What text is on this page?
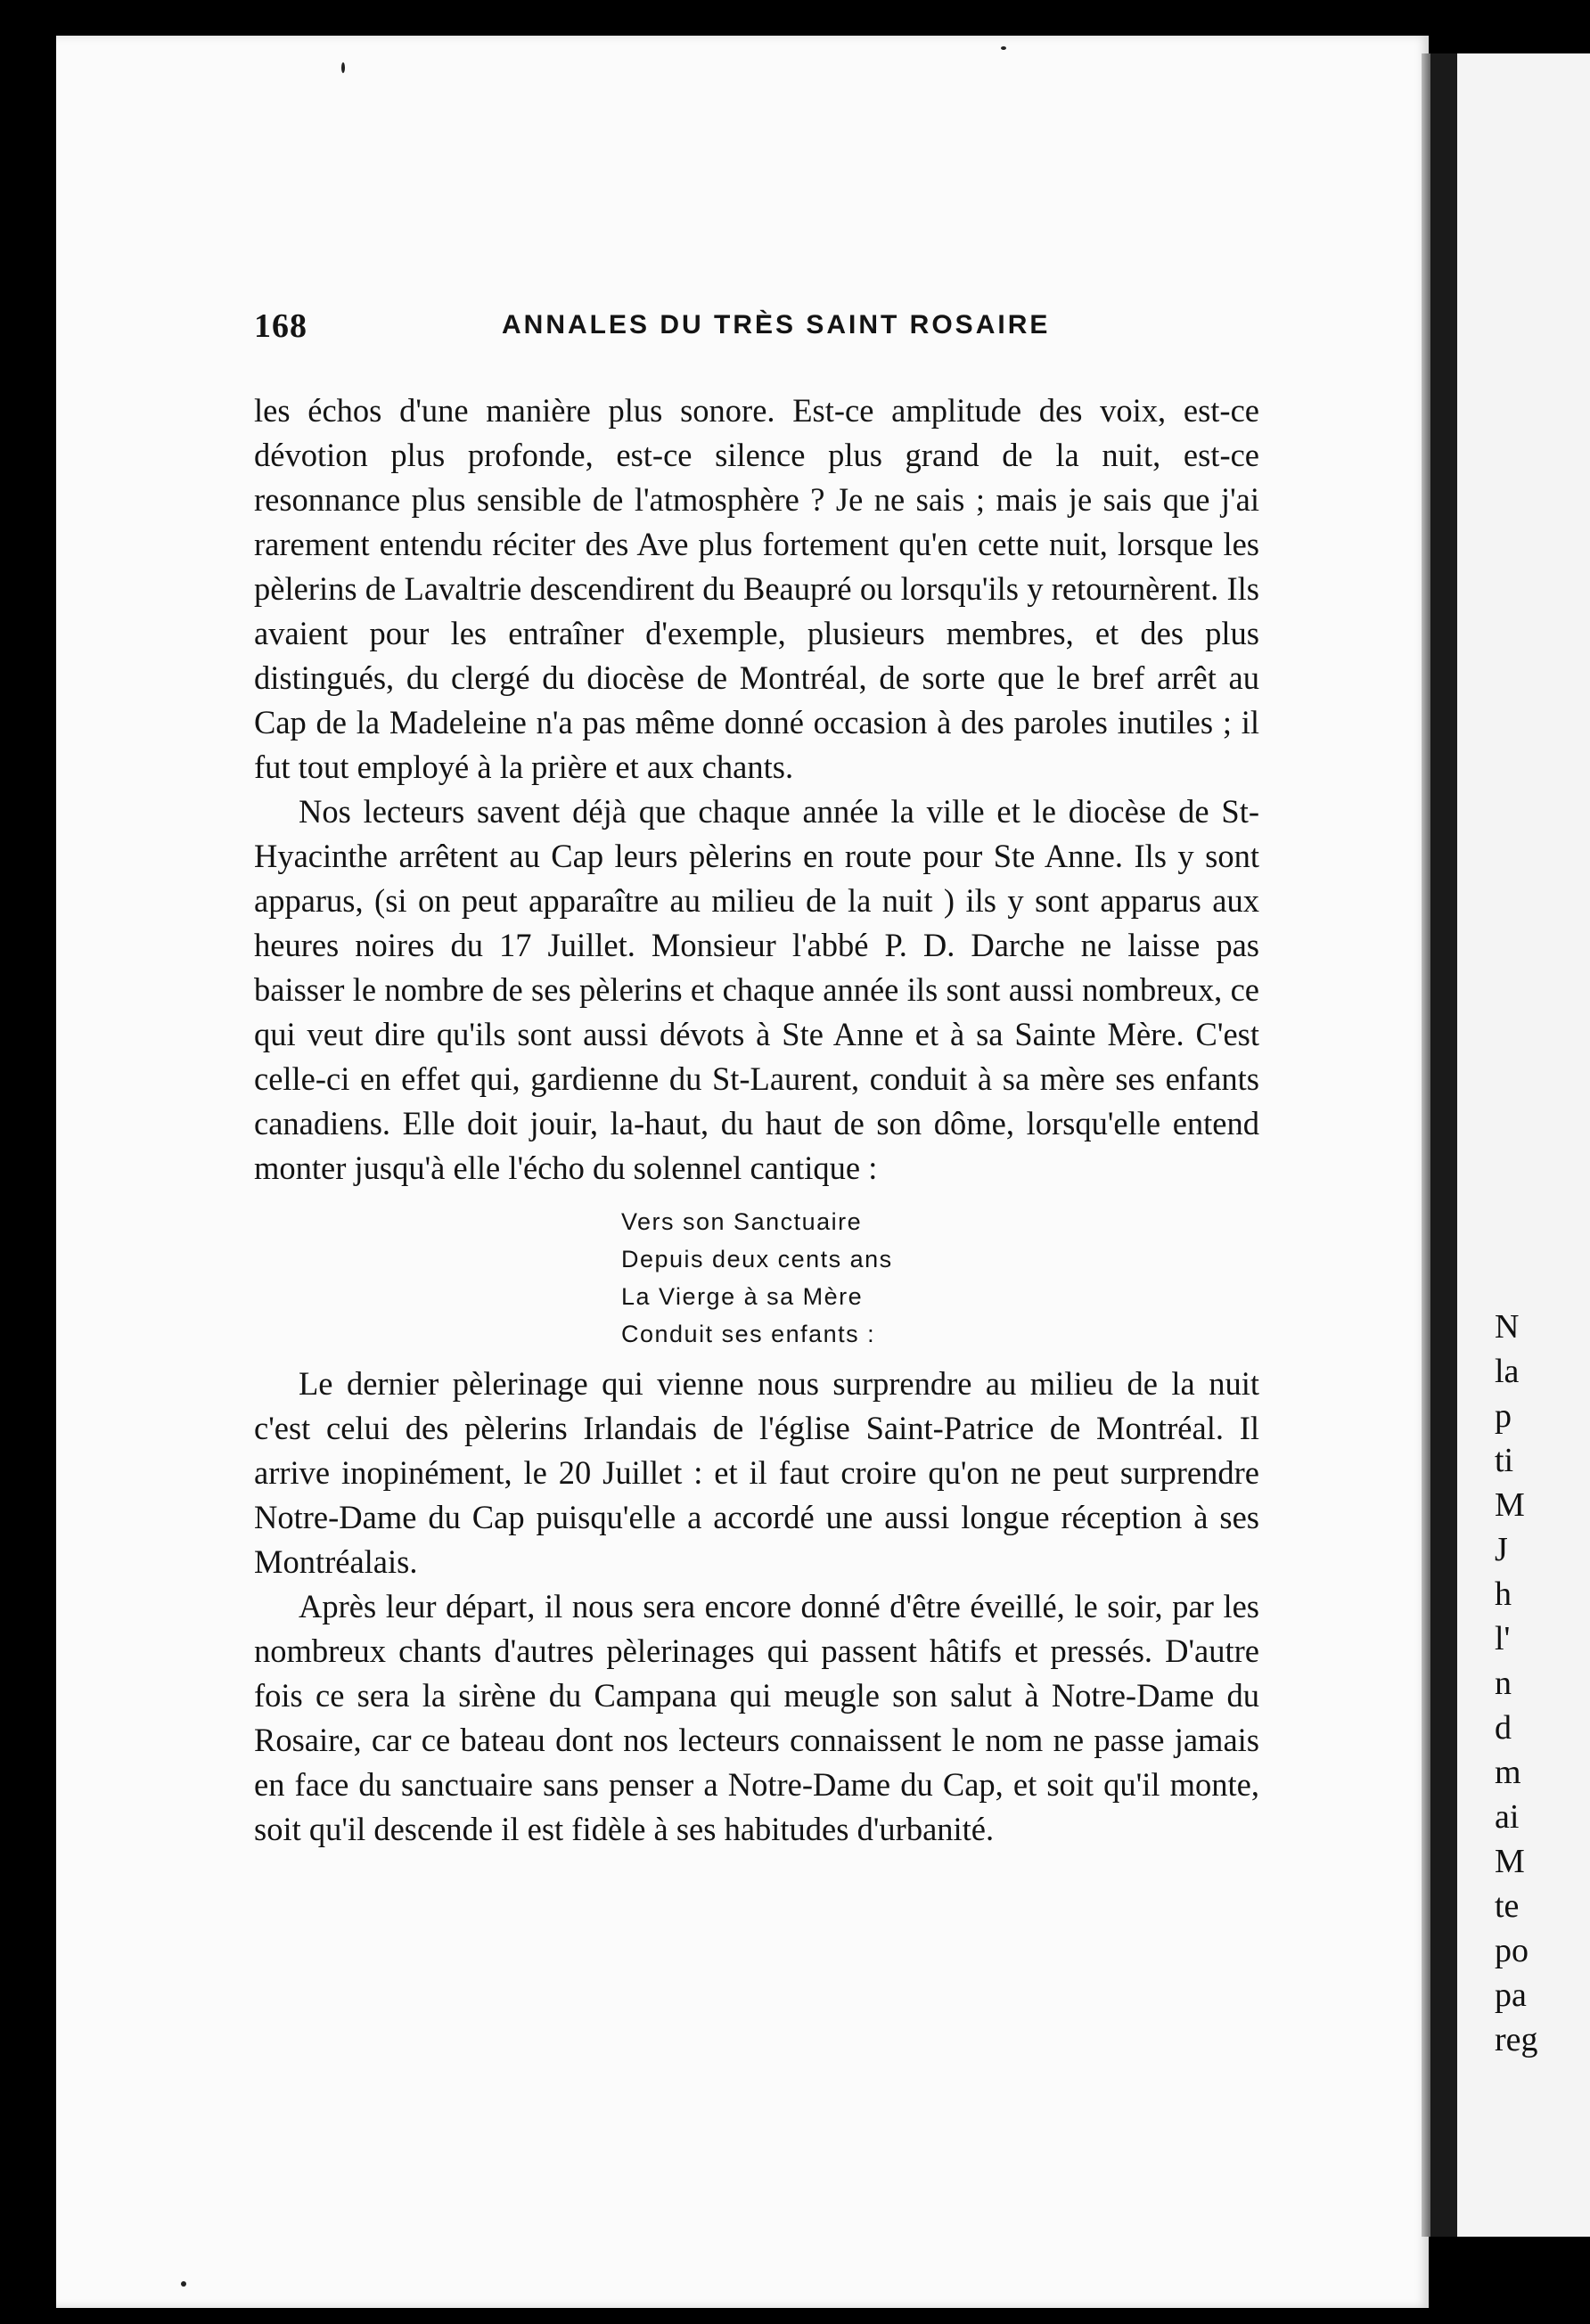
N
la
p
ti
M
J
h
l'
n
d
m
ai
M
te
po
pa
reg
168	ANNALES DU TRÈS SAINT ROSAIRE

les échos d'une manière plus sonore. Est-ce amplitude des voix, est-ce dévotion plus profonde, est-ce silence plus grand de la nuit, est-ce resonnance plus sensible de l'atmosphère ? Je ne sais ; mais je sais que j'ai rarement entendu réciter des Ave plus fortement qu'en cette nuit, lorsque les pèlerins de Lavaltrie descendirent du Beaupré ou lorsqu'ils y retournèrent. Ils avaient pour les entraîner d'exemple, plusieurs membres, et des plus distingués, du clergé du diocèse de Montréal, de sorte que le bref arrêt au Cap de la Madeleine n'a pas même donné occasion à des paroles inutiles ; il fut tout employé à la prière et aux chants.

Nos lecteurs savent déjà que chaque année la ville et le diocèse de St-Hyacinthe arrêtent au Cap leurs pèlerins en route pour Ste Anne. Ils y sont apparus, (si on peut apparaître au milieu de la nuit ) ils y sont apparus aux heures noires du 17 Juillet. Monsieur l'abbé P. D. Darche ne laisse pas baisser le nombre de ses pèlerins et chaque année ils sont aussi nombreux, ce qui veut dire qu'ils sont aussi dévots à Ste Anne et à sa Sainte Mère. C'est celle-ci en effet qui, gardienne du St-Laurent, conduit à sa mère ses enfants canadiens. Elle doit jouir, la-haut, du haut de son dôme, lorsqu'elle entend monter jusqu'à elle l'écho du solennel cantique :

Vers son Sanctuaire
Depuis deux cents ans
La Vierge à sa Mère
Conduit ses enfants :

Le dernier pèlerinage qui vienne nous surprendre au milieu de la nuit c'est celui des pèlerins Irlandais de l'église Saint-Patrice de Montréal. Il arrive inopinément, le 20 Juillet : et il faut croire qu'on ne peut surprendre Notre-Dame du Cap puisqu'elle a accordé une aussi longue réception à ses Montréalais.

Après leur départ, il nous sera encore donné d'être éveillé, le soir, par les nombreux chants d'autres pèlerinages qui passent hâtifs et pressés. D'autre fois ce sera la sirène du Campana qui meugle son salut à Notre-Dame du Rosaire, car ce bateau dont nos lecteurs connaissent le nom ne passe jamais en face du sanctuaire sans penser a Notre-Dame du Cap, et soit qu'il monte, soit qu'il descende il est fidèle à ses habitudes d'urbanité.
